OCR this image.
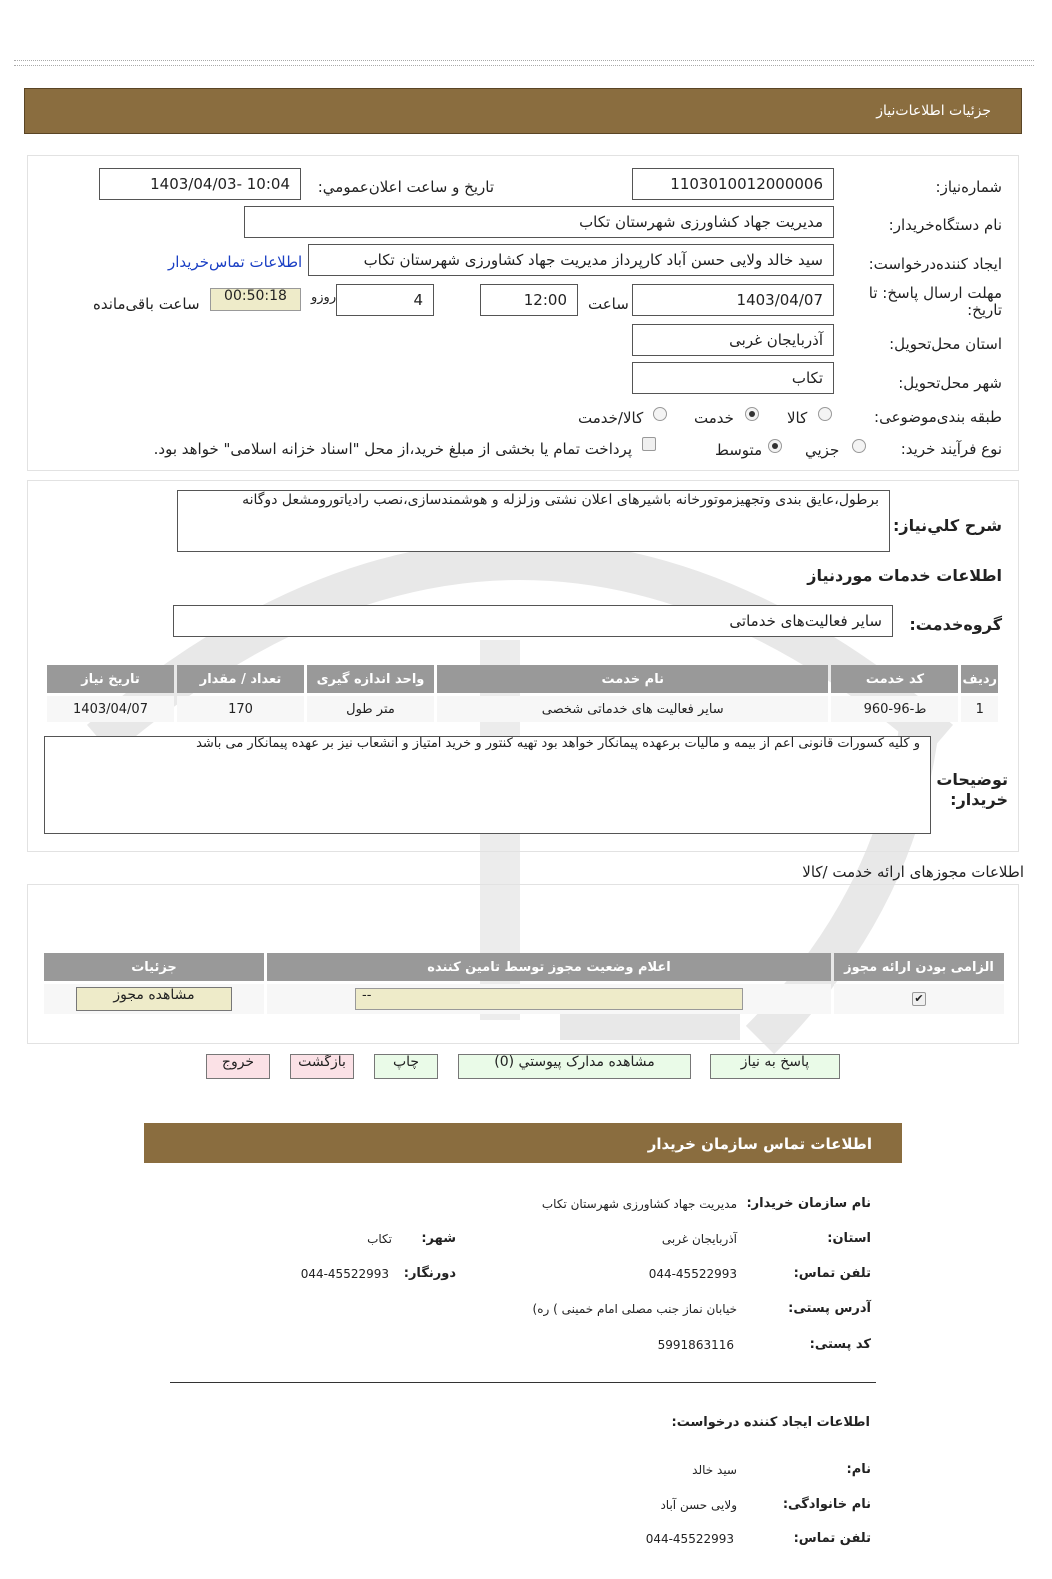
جزئیات اطلاعات‌نیاز
شماره‌نیاز:
1103010012000006
تاریخ و ساعت اعلان‌عمومي:
1403/04/03- 10:04
نام دستگاه‌خریدار:
مدیریت جهاد کشاورزی شهرستان تکاب
ایجاد کننده‌درخواست:
سید خالد ولایی حسن آباد کارپرداز مدیریت جهاد کشاورزی شهرستان تکاب
اطلاعات تماس‌خریدار
مهلت ارسال پاسخ: تا تاریخ:
1403/04/07
ساعت
12:00
4
روزو
00:50:18
ساعت باقی‌مانده
استان محل‌تحویل:
آذربایجان غربی
شهر محل‌تحویل:
تکاب
طبقه بندی‌موضوعی:
کالا
خدمت
کالا/خدمت
نوع فرآیند خرید:
جزیي
متوسط
پرداخت تمام یا بخشی از مبلغ خرید،از محل "اسناد خزانه اسلامی" خواهد بود.
شرح کلي‌نیاز:
برطول،عایق بندی وتجهیزموتورخانه باشیرهای اعلان نشتی وزلزله و هوشمندسازی،نصب رادیاتورومشعل دوگانه
اطلاعات خدمات موردنیاز
گروه‌خدمت:
سایر فعالیت‌های خدماتی
ردیف	کد خدمت	نام خدمت	واحد اندازه گیری	تعداد / مقدار	تاریخ نیاز
1	ط-96-960	سایر فعالیت های خدماتی شخصی	متر طول	170	1403/04/07
توضیحات خریدار:
و کلیه کسورات قانونی اعم از بیمه و مالیات برعهده پیمانکار خواهد بود تهیه کنتور و خرید امتیاز و انشعاب نیز بر عهده پیمانکار می باشد
اطلاعات مجوزهای ارائه خدمت /کالا
الزامی بودن ارائه مجوز	اعلام وضعیت مجوز توسط تامین کننده	جزئیات
✔	--	مشاهده مجوز
پاسخ به نیاز
مشاهده مدارک پیوستي (0)
چاپ
بازگشت
خروج
اطلاعات تماس سازمان خریدار
نام سازمان خریدار:
مدیریت جهاد کشاورزی شهرستان تکاب
استان:
آذربایجان غربی
شهر:
تکاب
تلفن تماس:
044-45522993
دورنگار:
044-45522993
آدرس پستی:
خیابان نماز جنب مصلی امام خمینی ) ره)
کد پستی:
5991863116
اطلاعات ایجاد کننده درخواست:
نام:
سید خالد
نام خانوادگی:
ولایی حسن آباد
تلفن تماس:
044-45522993
